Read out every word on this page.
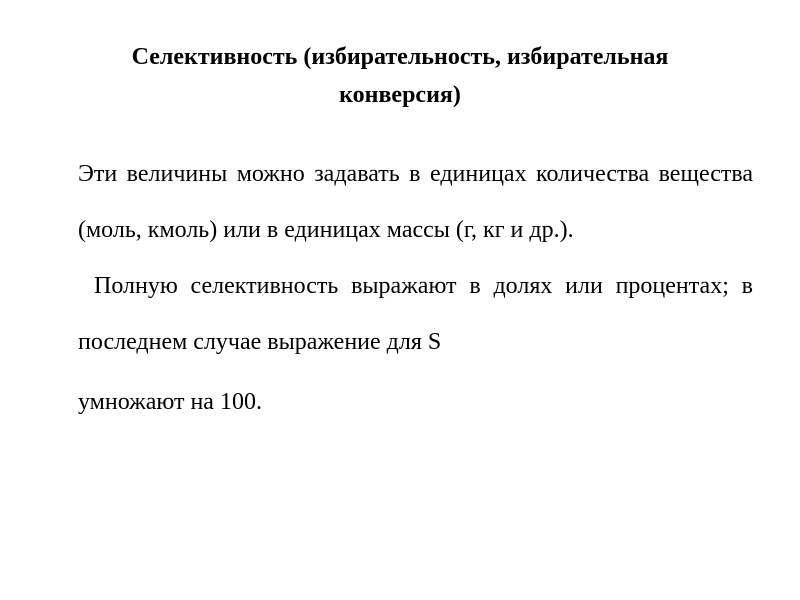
Селективность (избирательность, избирательная
конверсия)

Эти величины можно задавать в единицах количества вещества (моль, кмоль) или в единицах массы (г, кг и др.).

Полную селективность выражают в долях или процентах; в последнем случае выражение для S
умножают на 100.
